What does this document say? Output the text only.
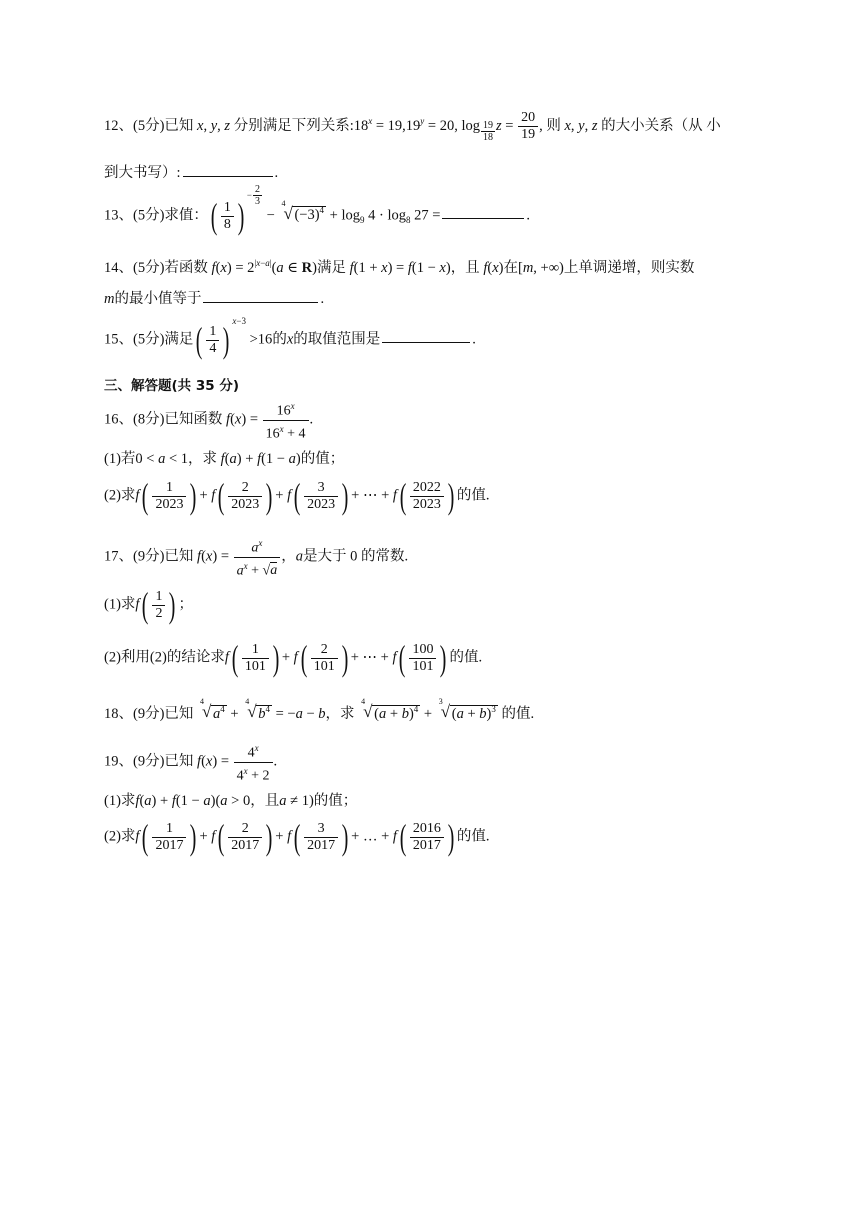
12、(5分)已知 x, y, z 分别满足下列关系$:18^x = 19,19^y = 20$, log $_{\frac{19}{18}}$ $z = \frac{20}{19}$ , 则 x, y, z 的大小关系（从 小
到大书写）:	.
13、(5分)求值：( $\frac{1}{8} )^{- \frac{2}{3}}$
−
4
√ $(-3)^4 + \log_9 4 \cdot \log_8 27$ =	.
14、(5分)若函数 $f(x) = 2^{|x-a|}(a$ ∈ R)满足 f(1 + x) = f(1 − x)，且 f(x)在[m, +∞)上单调递增，则实数
m的最小值等于	.
15、(5分)满足( $\frac{1}{4}$ ) $^{x-3}$ >16的x的取值范围是	.
三、解答题(共 35 分)
16、(8分)已知函数 $f(x) = \frac{16^x}{16^x + 4}$ .
(1)若0 < a < 1，求 f(a) + f(1 − a)的值；
(2)求$f( \frac{1}{2023}$ ) + $f( \frac{2}{2023}$ ) + $f( \frac{3}{2023}$ ) + ⋯ + $f( \frac{2022}{2023}$ ) 的值.
17、(9分)已知 $f(x) = \frac{a^x}{a^x + √a}$ ，a是大于 0 的常数.
(1)求$f( \frac{1}{2}$ ) ；
(2)利用(2)的结论求$f( \frac{1}{101}$ ) + $f( \frac{2}{101}$ ) + ⋯ + $f( \frac{100}{101}$ ) 的值.
18、(9分)已知
4
√ $a^4$ +
4
√ $b^4 = -a - b$，求
4
√ $(a + b)^4$ +
3
√ $(a + b)^3$ 的值.
19、(9分)已知 $f(x) = \frac{4^x}{4^x + 2}$ .
(1)求f(a) + f(1 − a)(a > 0，且a ≠ 1)的值；
(2)求$f( \frac{1}{2017}$ ) + $f( \frac{2}{2017}$ ) + $f( \frac{3}{2017}$ ) + … + $f( \frac{2016}{2017}$ ) 的值.
